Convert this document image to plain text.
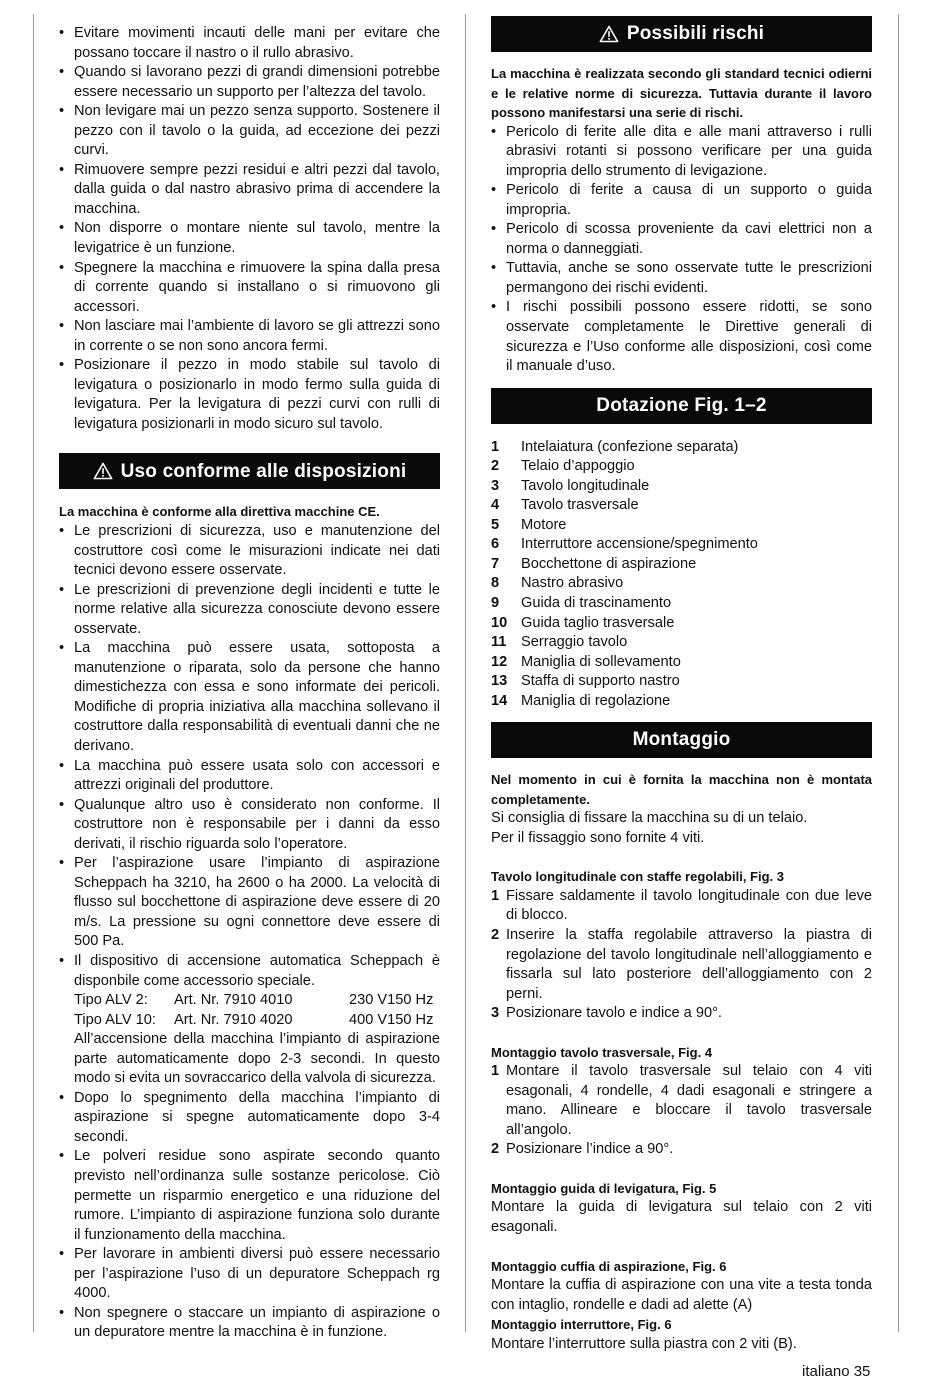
• Evitare movimenti incauti delle mani per evitare che possano toccare il nastro o il rullo abrasivo.
• Quando si lavorano pezzi di grandi dimensioni potrebbe essere necessario un supporto per l’altezza del tavolo.
• Non levigare mai un pezzo senza supporto. Sostenere il pezzo con il tavolo o la guida, ad eccezione dei pezzi curvi.
• Rimuovere sempre pezzi residui e altri pezzi dal tavolo, dalla guida o dal nastro abrasivo prima di accendere la macchina.
• Non disporre o montare niente sul tavolo, mentre la levigatrice è un funzione.
• Spegnere la macchina e rimuovere la spina dalla presa di corrente quando si installano o si rimuovono gli accessori.
• Non lasciare mai l’ambiente di lavoro se gli attrezzi sono in corrente o se non sono ancora fermi.
• Posizionare il pezzo in modo stabile sul tavolo di levigatura o posizionarlo in modo fermo sulla guida di levigatura. Per la levigatura di pezzi curvi con rulli di levigatura posizionarli in modo sicuro sul tavolo.
Uso conforme alle disposizioni

La macchina è conforme alla direttiva macchine CE.

• Le prescrizioni di sicurezza, uso e manutenzione del costruttore così come le misurazioni indicate nei dati tecnici devono essere osservate.
• Le prescrizioni di prevenzione degli incidenti e tutte le norme relative alla sicurezza conosciute devono essere osservate.
• La macchina può essere usata, sottoposta a manutenzione o riparata, solo da persone che hanno dimestichezza con essa e sono informate dei pericoli. Modifiche di propria iniziativa alla macchina sollevano il costruttore dalla responsabilità di eventuali danni che ne derivano.
• La macchina può essere usata solo con accessori e attrezzi originali del produttore.
• Qualunque altro uso è considerato non conforme. Il costruttore non è responsabile per i danni da esso derivati, il rischio riguarda solo l’operatore.
• Per l’aspirazione usare l’impianto di aspirazione Scheppach ha 3210, ha 2600 o ha 2000. La velocità di flusso sul bocchettone di aspirazione deve essere di 20 m/s. La pressione su ogni connettore deve essere di 500 Pa.
• Il dispositivo di accensione automatica Scheppach è disponbile come accessorio speciale.
Tipo ALV 2:	Art. Nr. 7910 4010	230 V150 Hz
Tipo ALV 10:	Art. Nr. 7910 4020	400 V150 Hz
All’accensione della macchina l’impianto di aspirazione parte automaticamente dopo 2-3 secondi. In questo modo si evita un sovraccarico della valvola di sicurezza.
• Dopo lo spegnimento della macchina l’impianto di aspirazione si spegne automaticamente dopo 3-4 secondi.
• Le polveri residue sono aspirate secondo quanto previsto nell’ordinanza sulle sostanze pericolose. Ciò permette un risparmio energetico e una riduzione del rumore. L’impianto di aspirazione funziona solo durante il funzionamento della macchina.
• Per lavorare in ambienti diversi può essere necessario per l’aspirazione l’uso di un depuratore Scheppach rg 4000.
• Non spegnere o staccare un impianto di aspirazione o un depuratore mentre la macchina è in funzione.
Possibili rischi

La macchina è realizzata secondo gli standard tecnici odierni e le relative norme di sicurezza. Tuttavia durante il lavoro possono manifestarsi una serie di rischi.

• Pericolo di ferite alle dita e alle mani attraverso i rulli abrasivi rotanti si possono verificare per una guida impropria dello strumento di levigazione.
• Pericolo di ferite a causa di un supporto o guida impropria.
• Pericolo di scossa proveniente da cavi elettrici non a norma o danneggiati.
• Tuttavia, anche se sono osservate tutte le prescrizioni permangono dei rischi evidenti.
• I rischi possibili possono essere ridotti, se sono osservate completamente le Direttive generali di sicurezza e l’Uso conforme alle disposizioni, così come il manuale d’uso.
Dotazione Fig. 1–2
1	Intelaiatura (confezione separata)
2	Telaio d’appoggio
3	Tavolo longitudinale
4	Tavolo trasversale
5	Motore
6	Interruttore accensione/spegnimento
7	Bocchettone di aspirazione
8	Nastro abrasivo
9	Guida di trascinamento
10 Guida taglio trasversale
11 Serraggio tavolo
12 Maniglia di sollevamento
13 Staffa di supporto nastro
14 Maniglia di regolazione
Montaggio

Nel momento in cui è fornita la macchina non è montata completamente.

Si consiglia di fissare la macchina su di un telaio.

Per il fissaggio sono fornite 4 viti.

Tavolo longitudinale con staffe regolabili, Fig. 3

1 Fissare saldamente il tavolo longitudinale con due leve di blocco.
2 Inserire la staffa regolabile attraverso la piastra di regolazione del tavolo longitudinale nell’alloggiamento e fissarla sul lato posteriore dell’alloggiamento con 2 perni.
3 Posizionare tavolo e indice a 90°.

Montaggio tavolo trasversale, Fig. 4

1 Montare il tavolo trasversale sul telaio con 4 viti esagonali, 4 rondelle, 4 dadi esagonali e stringere a mano. Allineare e bloccare il tavolo trasversale all’angolo.
2 Posizionare l’indice a 90°.

Montaggio guida di levigatura, Fig. 5

Montare la guida di levigatura sul telaio con 2 viti esagonali.

Montaggio cuffia di aspirazione, Fig. 6

Montare la cuffia di aspirazione con una vite a testa tonda con intaglio, rondelle e dadi ad alette (A)

Montaggio interruttore, Fig. 6

Montare l’interruttore sulla piastra con 2 viti (B).

italiano 35
